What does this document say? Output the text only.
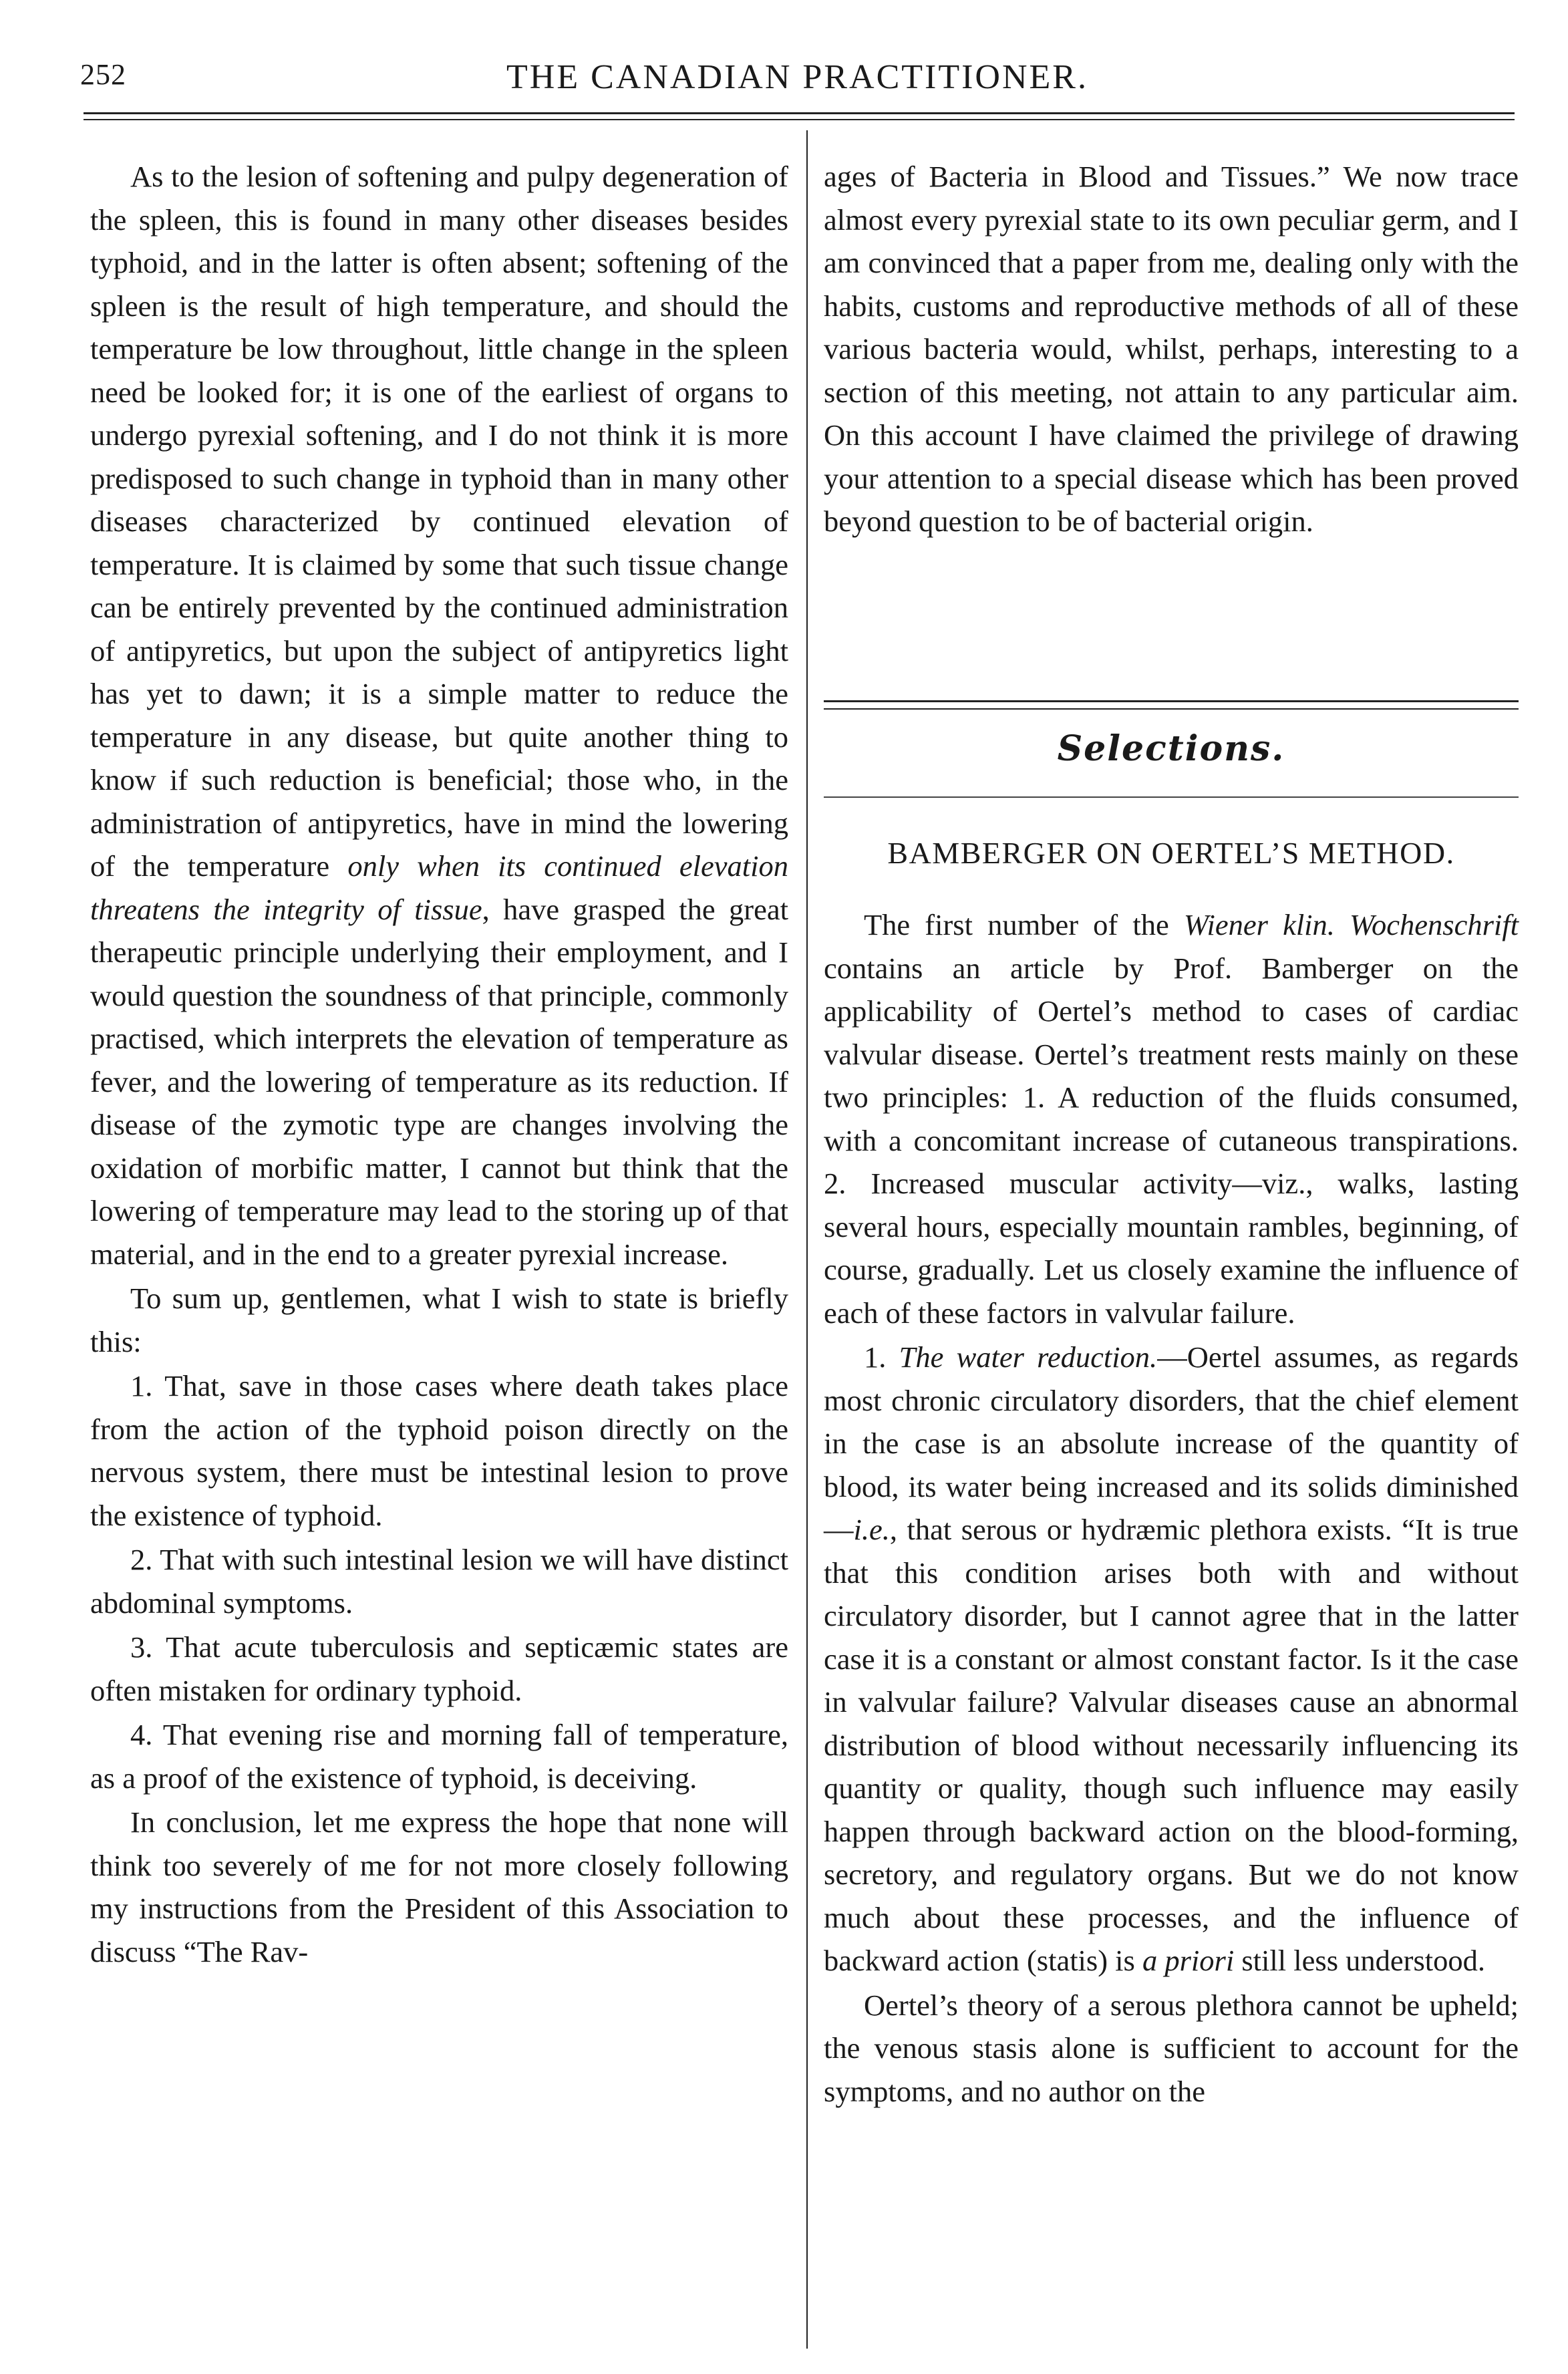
252	THE CANADIAN PRACTITIONER.

As to the lesion of softening and pulpy degeneration of the spleen, this is found in many other diseases besides typhoid, and in the latter is often absent; softening of the spleen is the result of high temperature, and should the temperature be low throughout, little change in the spleen need be looked for; it is one of the earliest of organs to undergo pyrexial softening, and I do not think it is more predisposed to such change in typhoid than in many other diseases characterized by continued elevation of temperature. It is claimed by some that such tissue change can be entirely prevented by the continued administration of antipyretics, but upon the subject of antipyretics light has yet to dawn; it is a simple matter to reduce the temperature in any disease, but quite another thing to know if such reduction is beneficial; those who, in the administration of antipyretics, have in mind the lowering of the temperature only when its continued elevation threatens the integrity of tissue, have grasped the great therapeutic principle underlying their employment, and I would question the soundness of that principle, commonly practised, which interprets the elevation of temperature as fever, and the lowering of temperature as its reduction. If disease of the zymotic type are changes involving the oxidation of morbific matter, I cannot but think that the lowering of temperature may lead to the storing up of that material, and in the end to a greater pyrexial increase.

To sum up, gentlemen, what I wish to state is briefly this:

1. That, save in those cases where death takes place from the action of the typhoid poison directly on the nervous system, there must be intestinal lesion to prove the existence of typhoid.

2. That with such intestinal lesion we will have distinct abdominal symptoms.

3. That acute tuberculosis and septicæmic states are often mistaken for ordinary typhoid.

4. That evening rise and morning fall of temperature, as a proof of the existence of typhoid, is deceiving.

In conclusion, let me express the hope that none will think too severely of me for not more closely following my instructions from the President of this Association to discuss “The Rav-

ages of Bacteria in Blood and Tissues.” We now trace almost every pyrexial state to its own peculiar germ, and I am convinced that a paper from me, dealing only with the habits, customs and reproductive methods of all of these various bacteria would, whilst, perhaps, interesting to a section of this meeting, not attain to any particular aim. On this account I have claimed the privilege of drawing your attention to a special disease which has been proved beyond question to be of bacterial origin.

Selections.
BAMBERGER ON OERTEL’S METHOD.

The first number of the Wiener klin. Wochenschrift contains an article by Prof. Bamberger on the applicability of Oertel’s method to cases of cardiac valvular disease. Oertel’s treatment rests mainly on these two principles: 1. A reduction of the fluids consumed, with a concomitant increase of cutaneous transpirations. 2. Increased muscular activity—viz., walks, lasting several hours, especially mountain rambles, beginning, of course, gradually. Let us closely examine the influence of each of these factors in valvular failure.

1. The water reduction.—Oertel assumes, as regards most chronic circulatory disorders, that the chief element in the case is an absolute increase of the quantity of blood, its water being increased and its solids diminished—i.e., that serous or hydræmic plethora exists. “It is true that this condition arises both with and without circulatory disorder, but I cannot agree that in the latter case it is a constant or almost constant factor. Is it the case in valvular failure? Valvular diseases cause an abnormal distribution of blood without necessarily influencing its quantity or quality, though such influence may easily happen through backward action on the blood-forming, secretory, and regulatory organs. But we do not know much about these processes, and the influence of backward action (statis) is a priori still less understood.

Oertel’s theory of a serous plethora cannot be upheld; the venous stasis alone is sufficient to account for the symptoms, and no author on the
